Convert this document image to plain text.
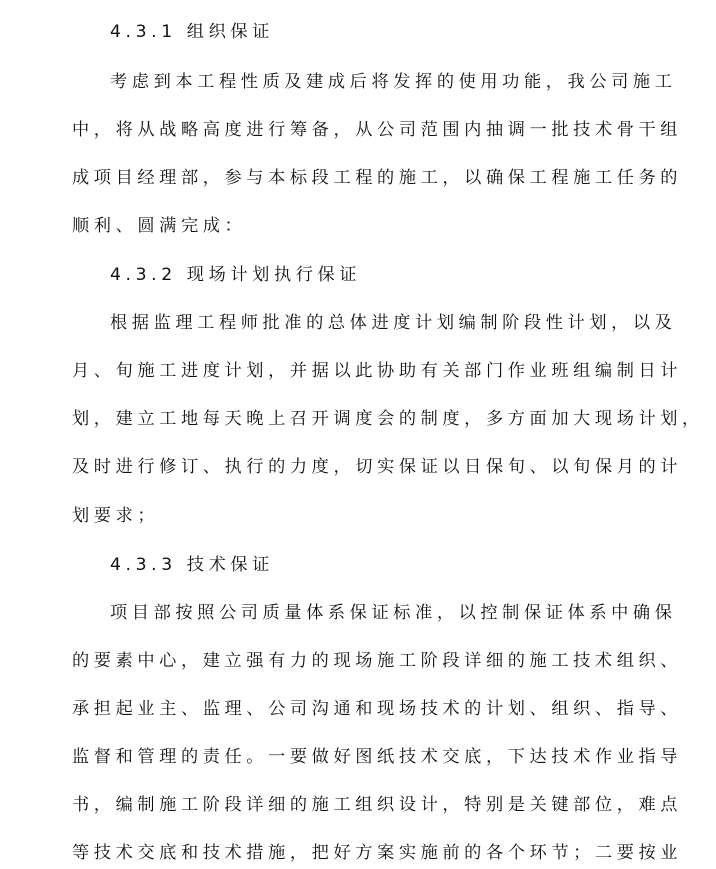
4.3.1 组织保证
考虑到本工程性质及建成后将发挥的使用功能，我公司施工
中，将从战略高度进行筹备，从公司范围内抽调一批技术骨干组
成项目经理部，参与本标段工程的施工，以确保工程施工任务的
顺利、圆满完成：
4.3.2 现场计划执行保证
根据监理工程师批准的总体进度计划编制阶段性计划，以及
月、旬施工进度计划，并据以此协助有关部门作业班组编制日计
划，建立工地每天晚上召开调度会的制度，多方面加大现场计划，
及时进行修订、执行的力度，切实保证以日保旬、以旬保月的计
划要求；
4.3.3 技术保证
项目部按照公司质量体系保证标准，以控制保证体系中确保
的要素中心，建立强有力的现场施工阶段详细的施工技术组织、
承担起业主、监理、公司沟通和现场技术的计划、组织、指导、
监督和管理的责任。一要做好图纸技术交底，下达技术作业指导
书，编制施工阶段详细的施工组织设计，特别是关键部位，难点
等技术交底和技术措施，把好方案实施前的各个环节；二要按业
